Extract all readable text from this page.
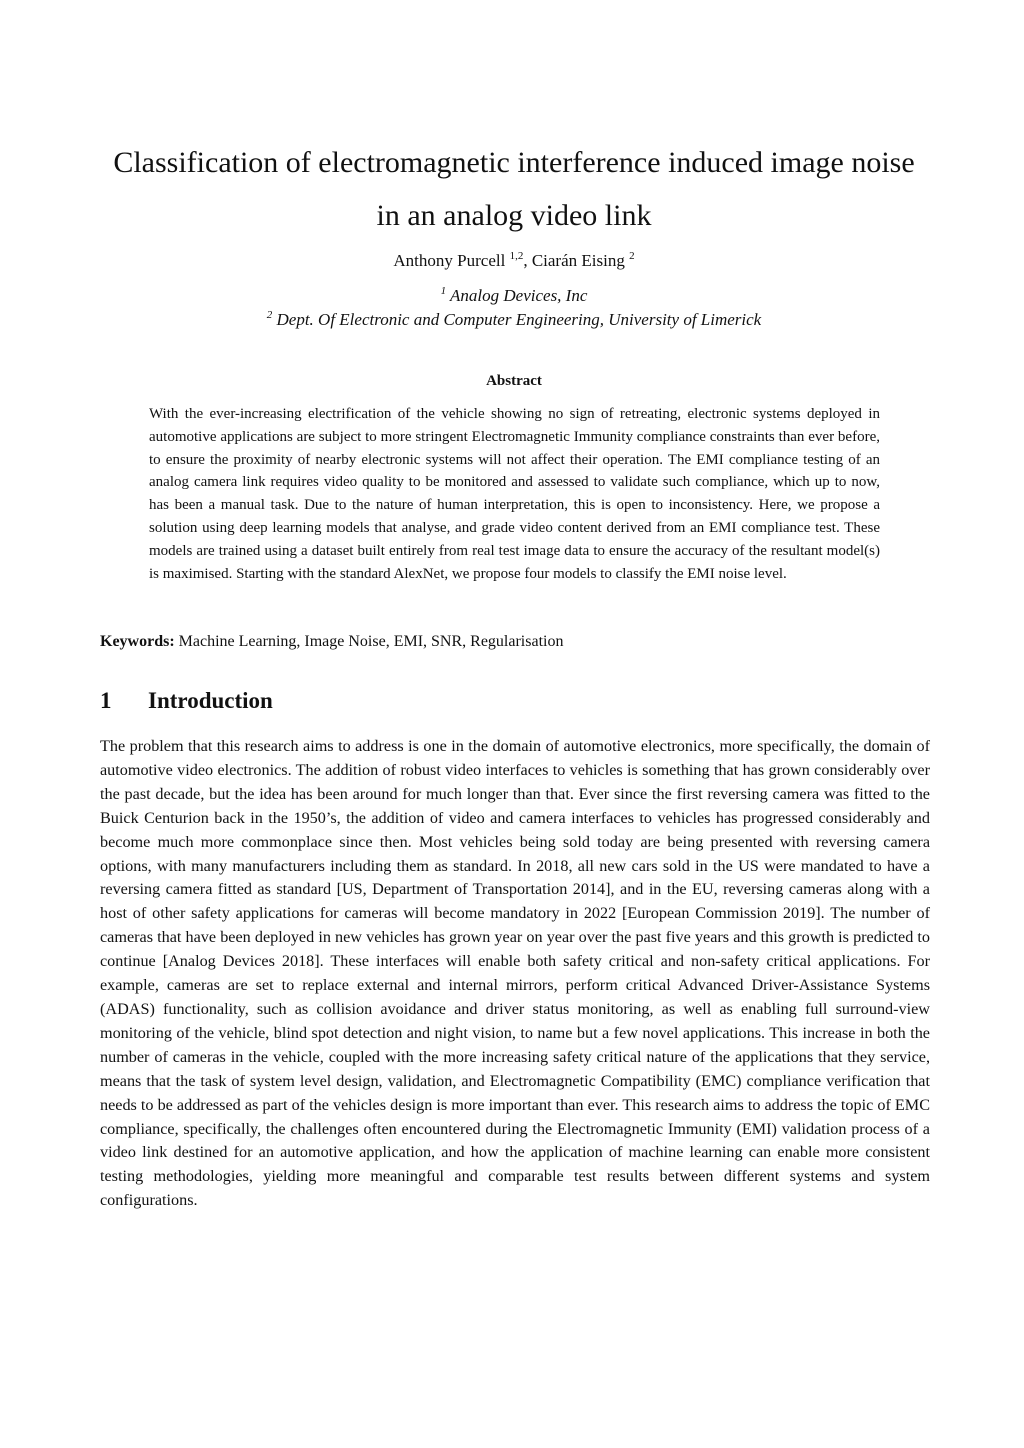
Classification of electromagnetic interference induced image noise
in an analog video link
Anthony Purcell $^{1,2}$, Ciarán Eising $^2$
$^1$ Analog Devices, Inc
$^2$ Dept. Of Electronic and Computer Engineering, University of Limerick
Abstract

With the ever-increasing electrification of the vehicle showing no sign of retreating, electronic systems deployed in automotive applications are subject to more stringent Electromagnetic Immunity compliance constraints than ever before, to ensure the proximity of nearby electronic systems will not affect their operation. The EMI compliance testing of an analog camera link requires video quality to be monitored and assessed to validate such compliance, which up to now, has been a manual task. Due to the nature of human interpretation, this is open to inconsistency. Here, we propose a solution using deep learning models that analyse, and grade video content derived from an EMI compliance test. These models are trained using a dataset built entirely from real test image data to ensure the accuracy of the resultant model(s) is maximised. Starting with the standard AlexNet, we propose four models to classify the EMI noise level.

Keywords: Machine Learning, Image Noise, EMI, SNR, Regularisation
1 Introduction

The problem that this research aims to address is one in the domain of automotive electronics, more specifically, the domain of automotive video electronics. The addition of robust video interfaces to vehicles is something that has grown considerably over the past decade, but the idea has been around for much longer than that. Ever since the first reversing camera was fitted to the Buick Centurion back in the 1950’s, the addition of video and camera interfaces to vehicles has progressed considerably and become much more commonplace since then. Most vehicles being sold today are being presented with reversing camera options, with many manufacturers including them as standard. In 2018, all new cars sold in the US were mandated to have a reversing camera fitted as standard [US, Department of Transportation 2014], and in the EU, reversing cameras along with a host of other safety applications for cameras will become mandatory in 2022 [European Commission 2019]. The number of cameras that have been deployed in new vehicles has grown year on year over the past five years and this growth is predicted to continue [Analog Devices 2018]. These interfaces will enable both safety critical and non-safety critical applications. For example, cameras are set to replace external and internal mirrors, perform critical Advanced Driver-Assistance Systems (ADAS) functionality, such as collision avoidance and driver status monitoring, as well as enabling full surround-view monitoring of the vehicle, blind spot detection and night vision, to name but a few novel applications. This increase in both the number of cameras in the vehicle, coupled with the more increasing safety critical nature of the applications that they service, means that the task of system level design, validation, and Electromagnetic Compatibility (EMC) compliance verification that needs to be addressed as part of the vehicles design is more important than ever. This research aims to address the topic of EMC compliance, specifically, the challenges often encountered during the Electromagnetic Immunity (EMI) validation process of a video link destined for an automotive application, and how the application of machine learning can enable more consistent testing methodologies, yielding more meaningful and comparable test results between different systems and system configurations.
